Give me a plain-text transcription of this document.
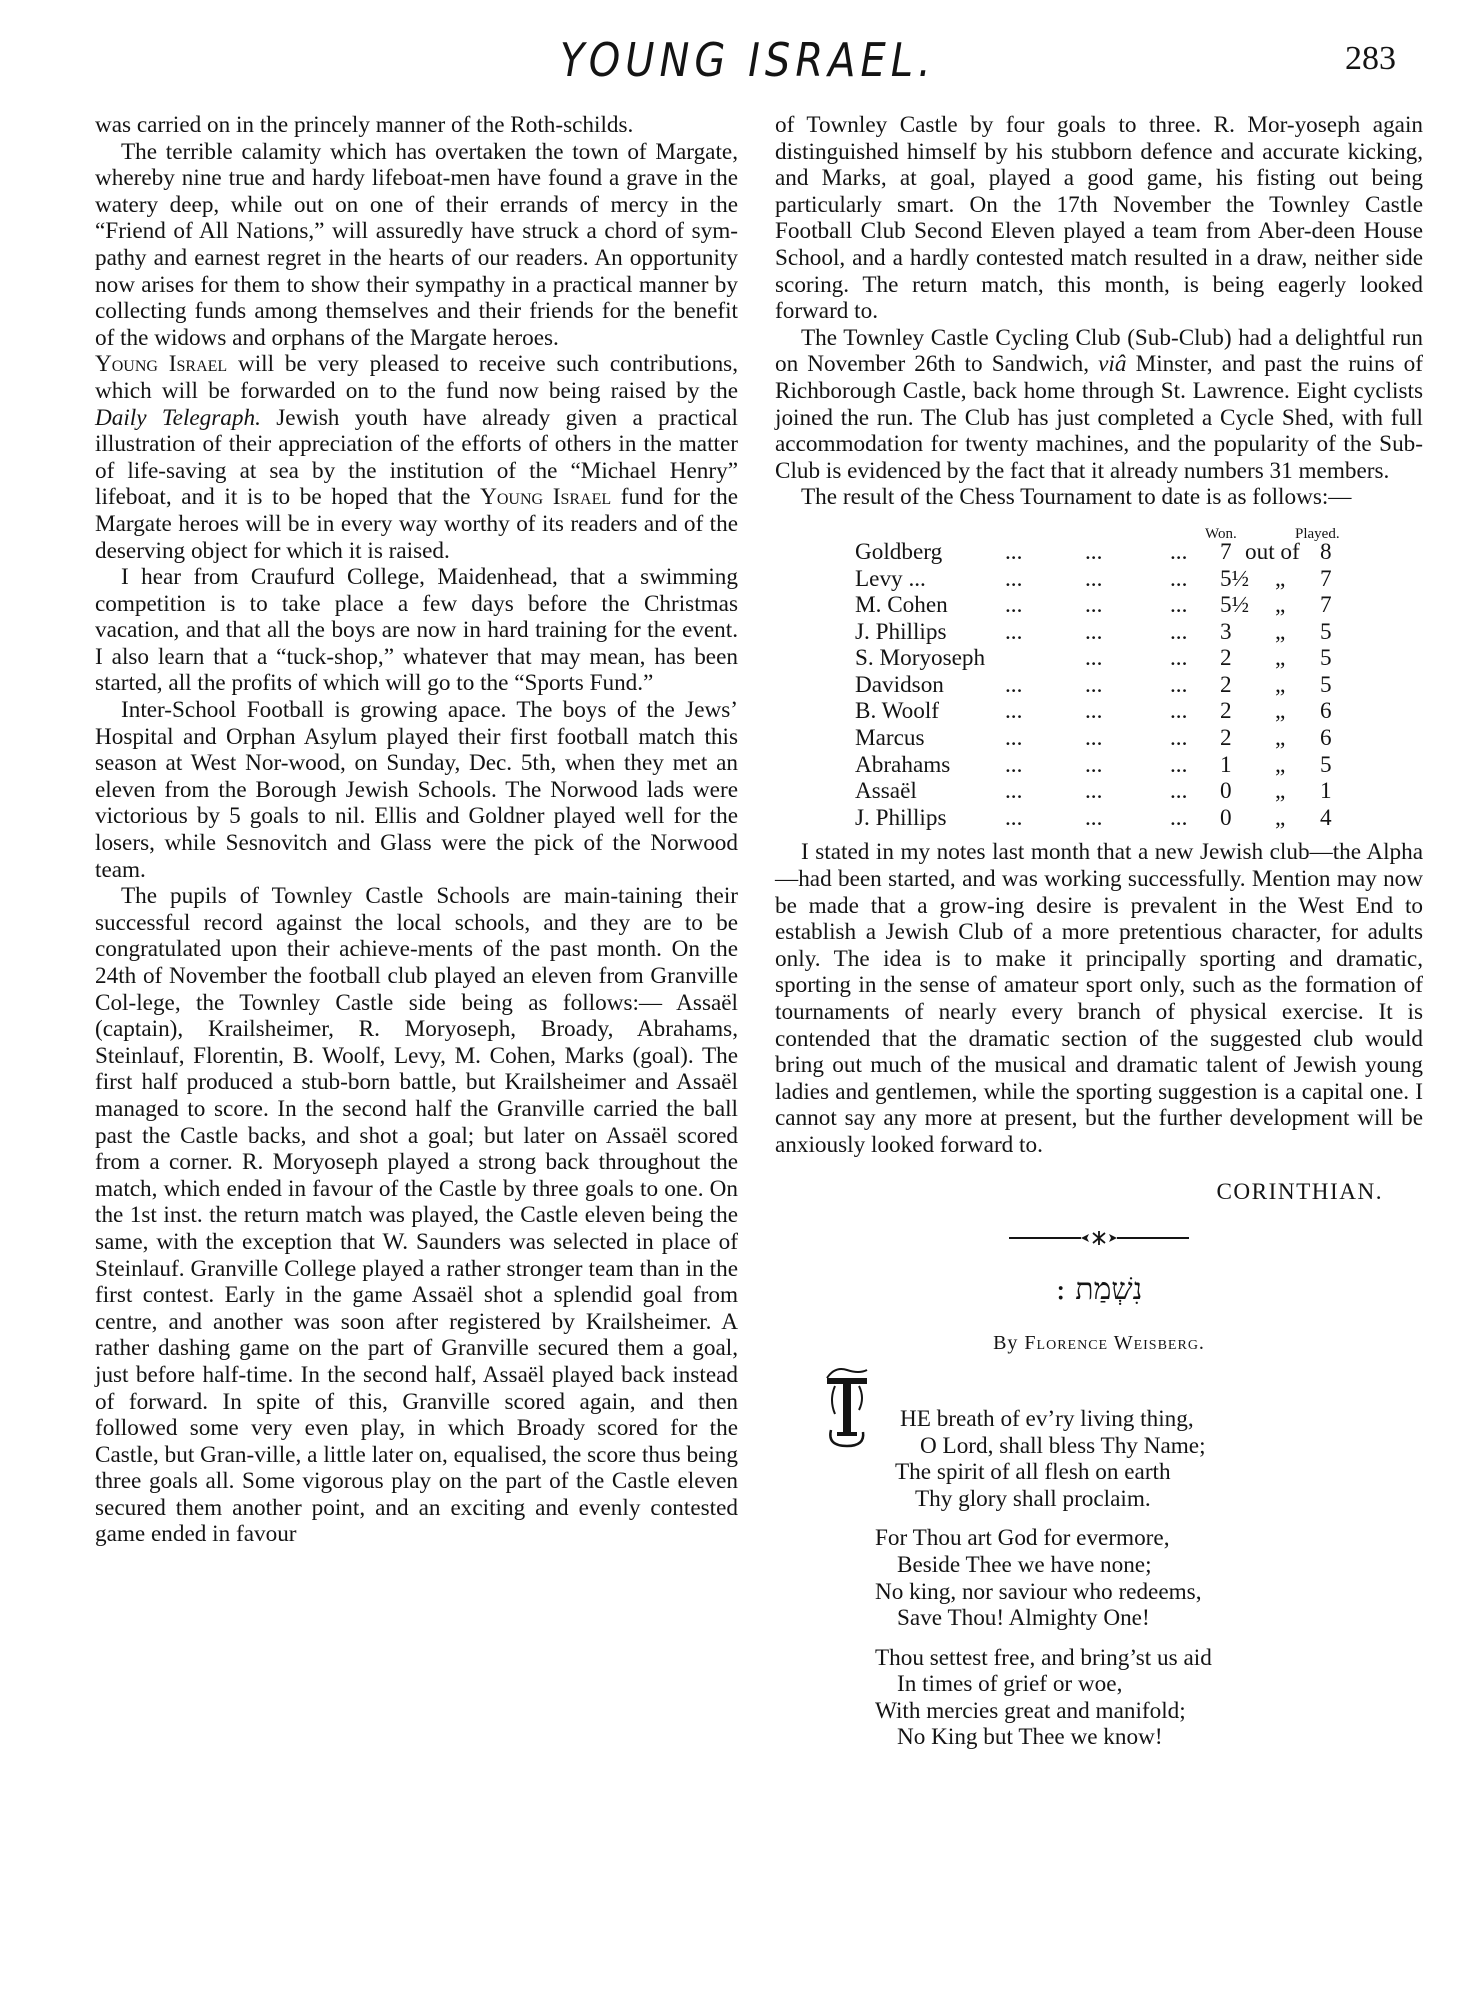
YOUNG ISRAEL.	283

was carried on in the princely manner of the Roth-schilds.

The terrible calamity which has overtaken the town of Margate, whereby nine true and hardy lifeboat-men have found a grave in the watery deep, while out on one of their errands of mercy in the “Friend of All Nations,” will assuredly have struck a chord of sym-pathy and earnest regret in the hearts of our readers. An opportunity now arises for them to show their sympathy in a practical manner by collecting funds among themselves and their friends for the benefit of the widows and orphans of the Margate heroes.

Young Israel will be very pleased to receive such contributions, which will be forwarded on to the fund now being raised by the Daily Telegraph. Jewish youth have already given a practical illustration of their appreciation of the efforts of others in the matter of life-saving at sea by the institution of the “Michael Henry” lifeboat, and it is to be hoped that the Young Israel fund for the Margate heroes will be in every way worthy of its readers and of the deserving object for which it is raised.

I hear from Craufurd College, Maidenhead, that a swimming competition is to take place a few days before the Christmas vacation, and that all the boys are now in hard training for the event. I also learn that a “tuck-shop,” whatever that may mean, has been started, all the profits of which will go to the “Sports Fund.”

Inter-School Football is growing apace. The boys of the Jews’ Hospital and Orphan Asylum played their first football match this season at West Nor-wood, on Sunday, Dec. 5th, when they met an eleven from the Borough Jewish Schools. The Norwood lads were victorious by 5 goals to nil. Ellis and Goldner played well for the losers, while Sesnovitch and Glass were the pick of the Norwood team.

The pupils of Townley Castle Schools are main-taining their successful record against the local schools, and they are to be congratulated upon their achieve-ments of the past month. On the 24th of November the football club played an eleven from Granville Col-lege, the Townley Castle side being as follows:— Assaël (captain), Krailsheimer, R. Moryoseph, Broady, Abrahams, Steinlauf, Florentin, B. Woolf, Levy, M. Cohen, Marks (goal). The first half produced a stub-born battle, but Krailsheimer and Assaël managed to score. In the second half the Granville carried the ball past the Castle backs, and shot a goal; but later on Assaël scored from a corner. R. Moryoseph played a strong back throughout the match, which ended in favour of the Castle by three goals to one. On the 1st inst. the return match was played, the Castle eleven being the same, with the exception that W. Saunders was selected in place of Steinlauf. Granville College played a rather stronger team than in the first contest. Early in the game Assaël shot a splendid goal from centre, and another was soon after registered by Krailsheimer. A rather dashing game on the part of Granville secured them a goal, just before half-time. In the second half, Assaël played back instead of forward. In spite of this, Granville scored again, and then followed some very even play, in which Broady scored for the Castle, but Gran-ville, a little later on, equalised, the score thus being three goals all. Some vigorous play on the part of the Castle eleven secured them another point, and an exciting and evenly contested game ended in favour

of Townley Castle by four goals to three. R. Mor-yoseph again distinguished himself by his stubborn defence and accurate kicking, and Marks, at goal, played a good game, his fisting out being particularly smart. On the 17th November the Townley Castle Football Club Second Eleven played a team from Aber-deen House School, and a hardly contested match resulted in a draw, neither side scoring. The return match, this month, is being eagerly looked forward to.

The Townley Castle Cycling Club (Sub-Club) had a delightful run on November 26th to Sandwich, viâ Minster, and past the ruins of Richborough Castle, back home through St. Lawrence. Eight cyclists joined the run. The Club has just completed a Cycle Shed, with full accommodation for twenty machines, and the popularity of the Sub-Club is evidenced by the fact that it already numbers 31 members.

The result of the Chess Tournament to date is as follows:—

Won.	Played.
Goldberg	...	...	... 7 out of 8
Levy ...	...	...	... 5½ „ 7
M. Cohen ...	...	... 5½ „ 7
J. Phillips	...	...	... 3 „ 5
S. Moryoseph	...	... 2 „ 5
Davidson	...	...	... 2 „ 5
B. Woolf	...	...	... 2 „ 6
Marcus	...	...	... 2 „ 6
Abrahams ...	...	... 1 „ 5
Assaël	...	...	... 0 „ 1
J. Phillips	...	...	... 0 „ 4

I stated in my notes last month that a new Jewish club—the Alpha—had been started, and was working successfully. Mention may now be made that a grow-ing desire is prevalent in the West End to establish a Jewish Club of a more pretentious character, for adults only. The idea is to make it principally sporting and dramatic, sporting in the sense of amateur sport only, such as the formation of tournaments of nearly every branch of physical exercise. It is contended that the dramatic section of the suggested club would bring out much of the musical and dramatic talent of Jewish young ladies and gentlemen, while the sporting suggestion is a capital one. I cannot say any more at present, but the further development will be anxiously looked forward to.

CORINTHIAN.
נִשְׁמַת :
By Florence Weisberg.
HE breath of ev’ry living thing,
O Lord, shall bless Thy Name;
The spirit of all flesh on earth
Thy glory shall proclaim.
For Thou art God for evermore,
Beside Thee we have none;
No king, nor saviour who redeems,
Save Thou! Almighty One!
Thou settest free, and bring’st us aid
In times of grief or woe,
With mercies great and manifold;
No King but Thee we know!
